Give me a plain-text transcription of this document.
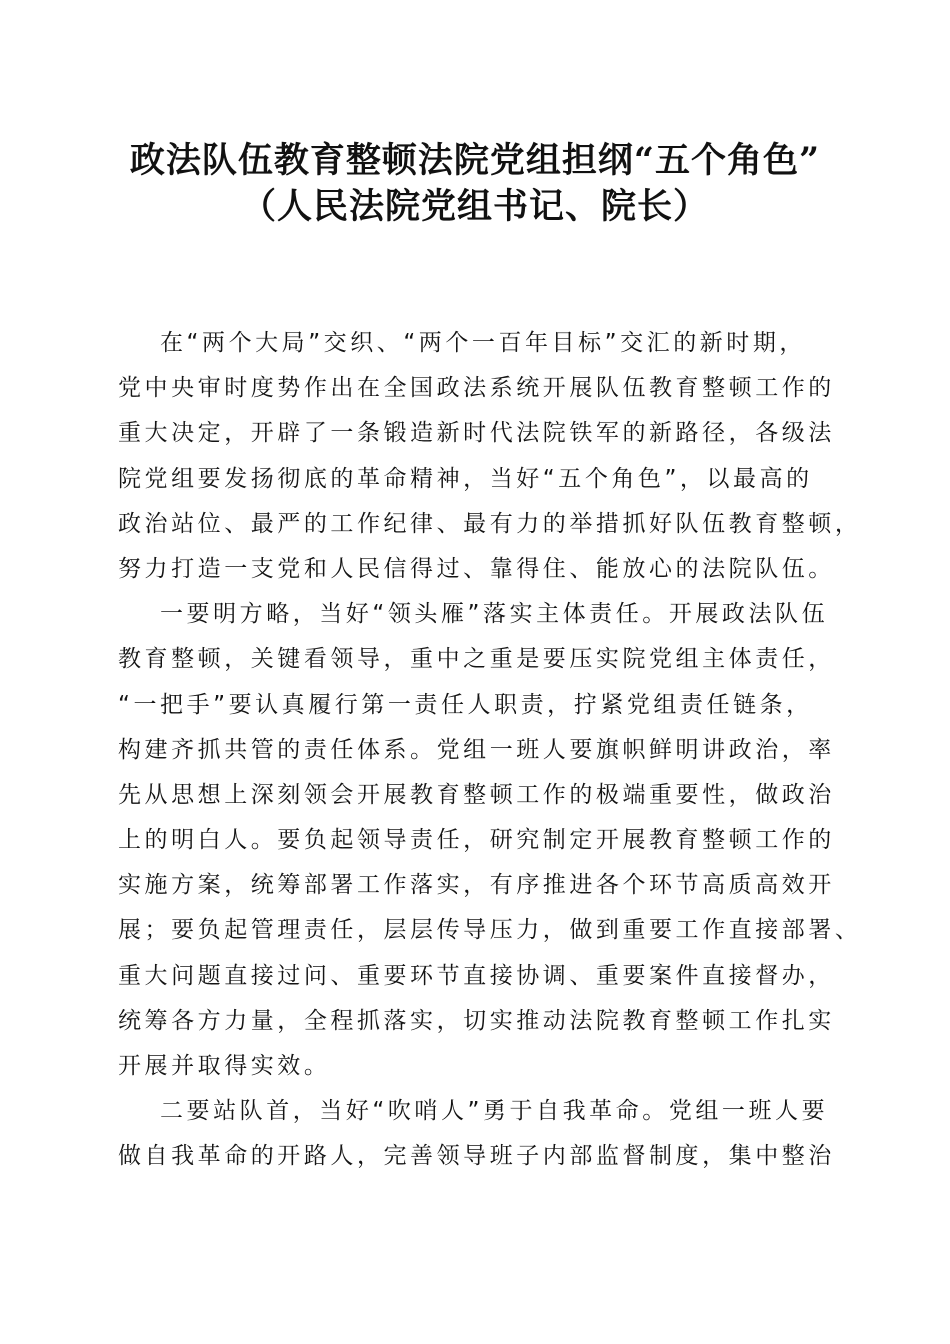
政法队伍教育整顿法院党组担纲“五个角色”
（人民法院党组书记、院长）
在“两个大局”交织、“两个一百年目标”交汇的新时期，
党中央审时度势作出在全国政法系统开展队伍教育整顿工作的
重大决定，开辟了一条锻造新时代法院铁军的新路径，各级法
院党组要发扬彻底的革命精神，当好“五个角色”，以最高的
政治站位、最严的工作纪律、最有力的举措抓好队伍教育整顿，
努力打造一支党和人民信得过、靠得住、能放心的法院队伍。
一要明方略，当好“领头雁”落实主体责任。开展政法队伍
教育整顿，关键看领导，重中之重是要压实院党组主体责任，
“一把手”要认真履行第一责任人职责，拧紧党组责任链条，
构建齐抓共管的责任体系。党组一班人要旗帜鲜明讲政治，率
先从思想上深刻领会开展教育整顿工作的极端重要性，做政治
上的明白人。要负起领导责任，研究制定开展教育整顿工作的
实施方案，统筹部署工作落实，有序推进各个环节高质高效开
展；要负起管理责任，层层传导压力，做到重要工作直接部署、
重大问题直接过问、重要环节直接协调、重要案件直接督办，
统筹各方力量，全程抓落实，切实推动法院教育整顿工作扎实
开展并取得实效。
二要站队首，当好“吹哨人”勇于自我革命。党组一班人要
做自我革命的开路人，完善领导班子内部监督制度，集中整治
